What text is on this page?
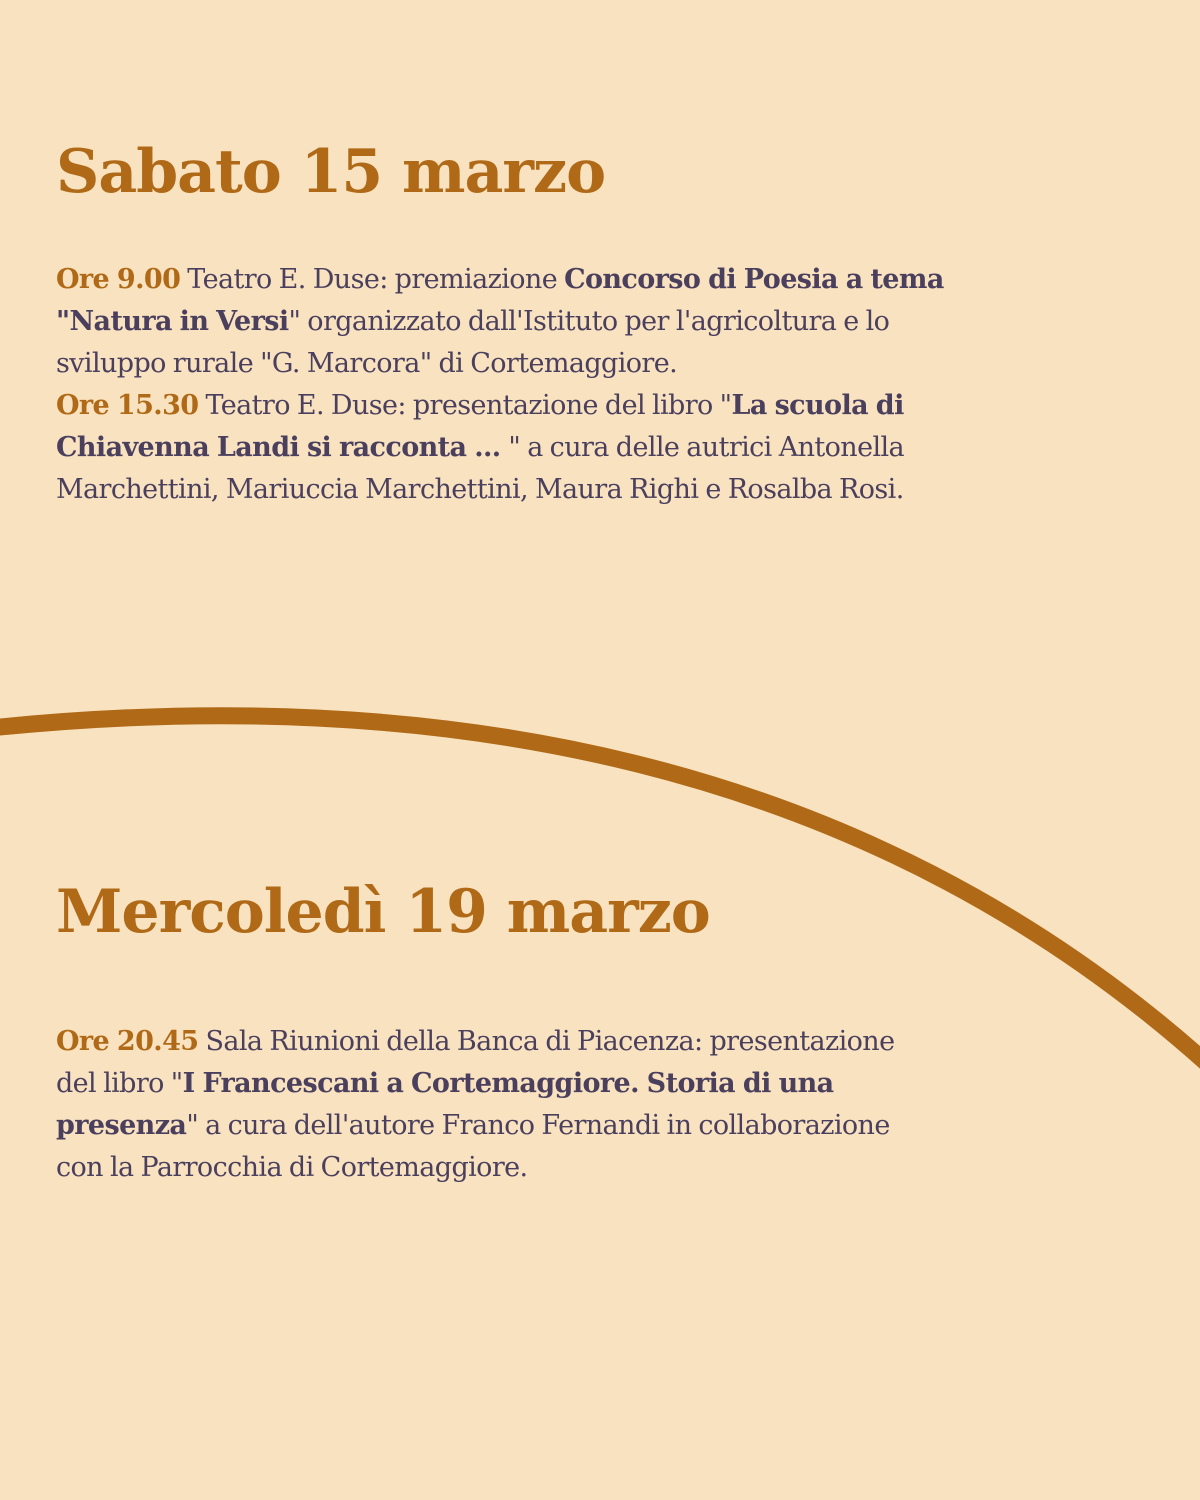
Sabato 15 marzo

Ore 9.00 Teatro E. Duse: premiazione Concorso di Poesia a tema
"Natura in Versi" organizzato dall'Istituto per l'agricoltura e lo
sviluppo rurale "G. Marcora" di Cortemaggiore.
Ore 15.30 Teatro E. Duse: presentazione del libro "La scuola di
Chiavenna Landi si racconta ... " a cura delle autrici Antonella
Marchettini, Mariuccia Marchettini, Maura Righi e Rosalba Rosi.

Mercoledì 19 marzo

Ore 20.45 Sala Riunioni della Banca di Piacenza: presentazione
del libro "I Francescani a Cortemaggiore. Storia di una
presenza" a cura dell'autore Franco Fernandi in collaborazione
con la Parrocchia di Cortemaggiore.
